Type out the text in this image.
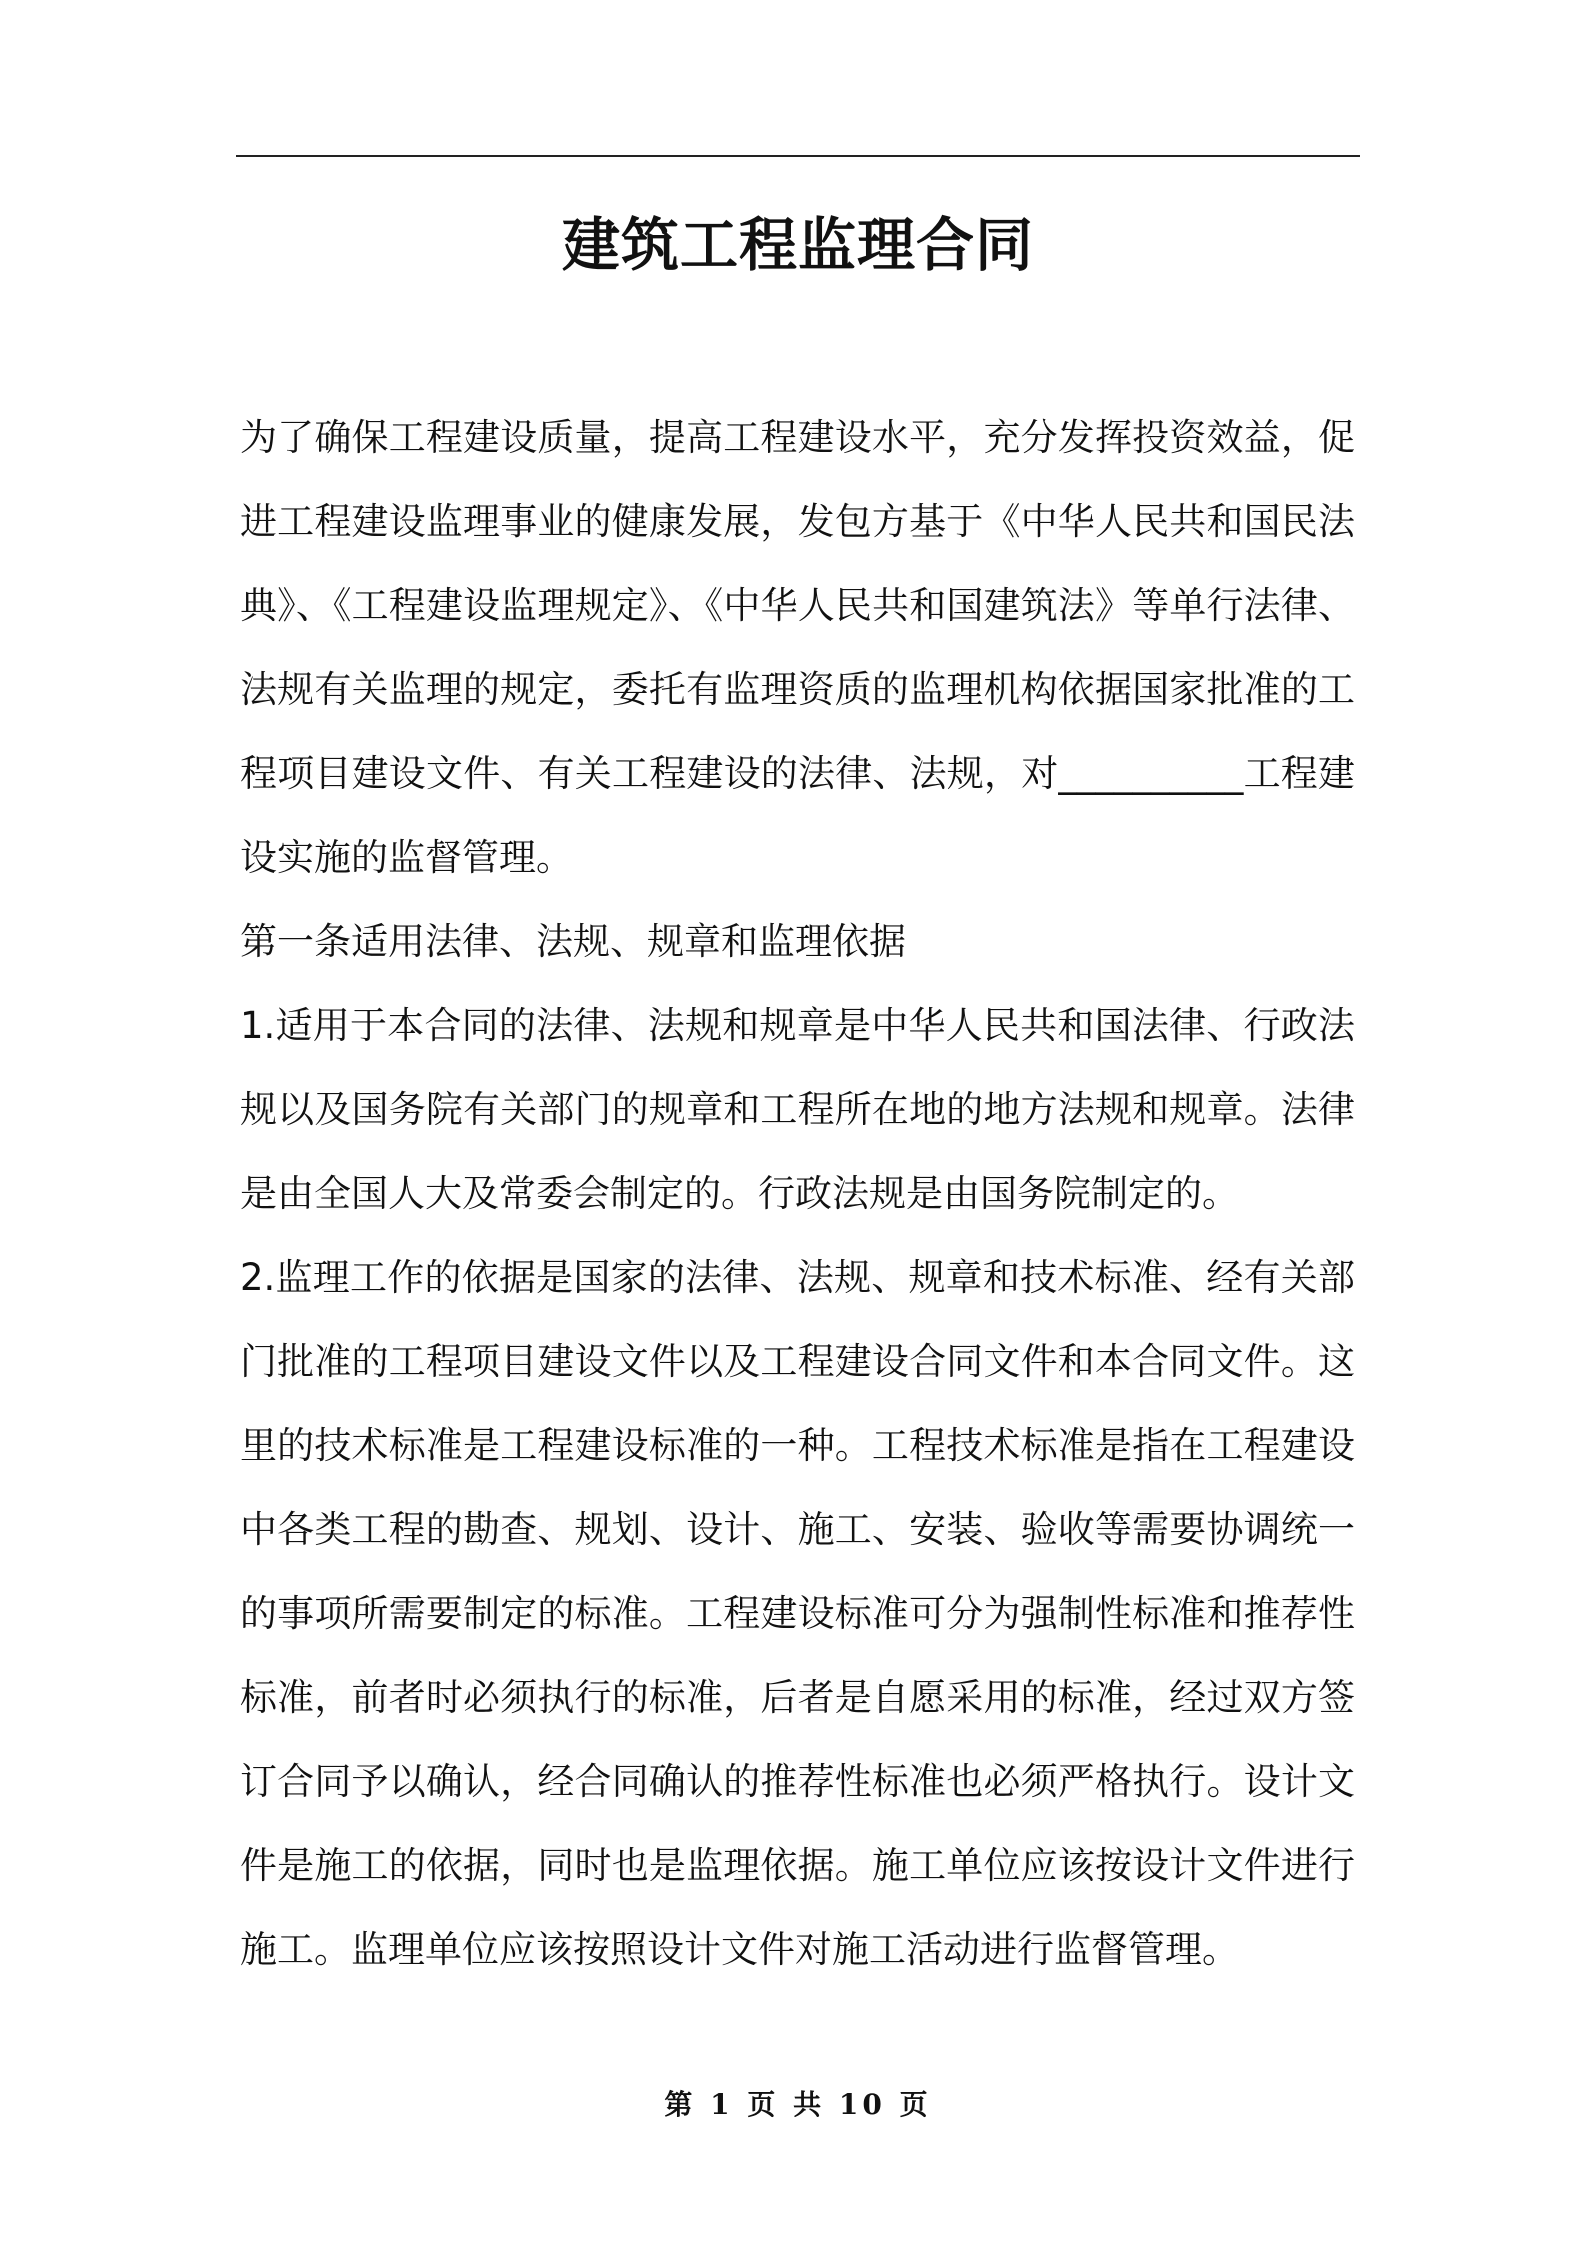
建筑工程监理合同

为了确保工程建设质量，提高工程建设水平，充分发挥投资效益，促进工程建设监理事业的健康发展，发包方基于《中华人民共和国民法典》、《工程建设监理规定》、《中华人民共和国建筑法》等单行法律、法规有关监理的规定，委托有监理资质的监理机构依据国家批准的工程项目建设文件、有关工程建设的法律、法规，对__________工程建设实施的监督管理。

第一条适用法律、法规、规章和监理依据

1.适用于本合同的法律、法规和规章是中华人民共和国法律、行政法规以及国务院有关部门的规章和工程所在地的地方法规和规章。法律是由全国人大及常委会制定的。行政法规是由国务院制定的。

2.监理工作的依据是国家的法律、法规、规章和技术标准、经有关部门批准的工程项目建设文件以及工程建设合同文件和本合同文件。这里的技术标准是工程建设标准的一种。工程技术标准是指在工程建设中各类工程的勘查、规划、设计、施工、安装、验收等需要协调统一的事项所需要制定的标准。工程建设标准可分为强制性标准和推荐性标准，前者时必须执行的标准，后者是自愿采用的标准，经过双方签订合同予以确认，经合同确认的推荐性标准也必须严格执行。设计文件是施工的依据，同时也是监理依据。施工单位应该按设计文件进行施工。监理单位应该按照设计文件对施工活动进行监督管理。

第 1 页 共 10 页
